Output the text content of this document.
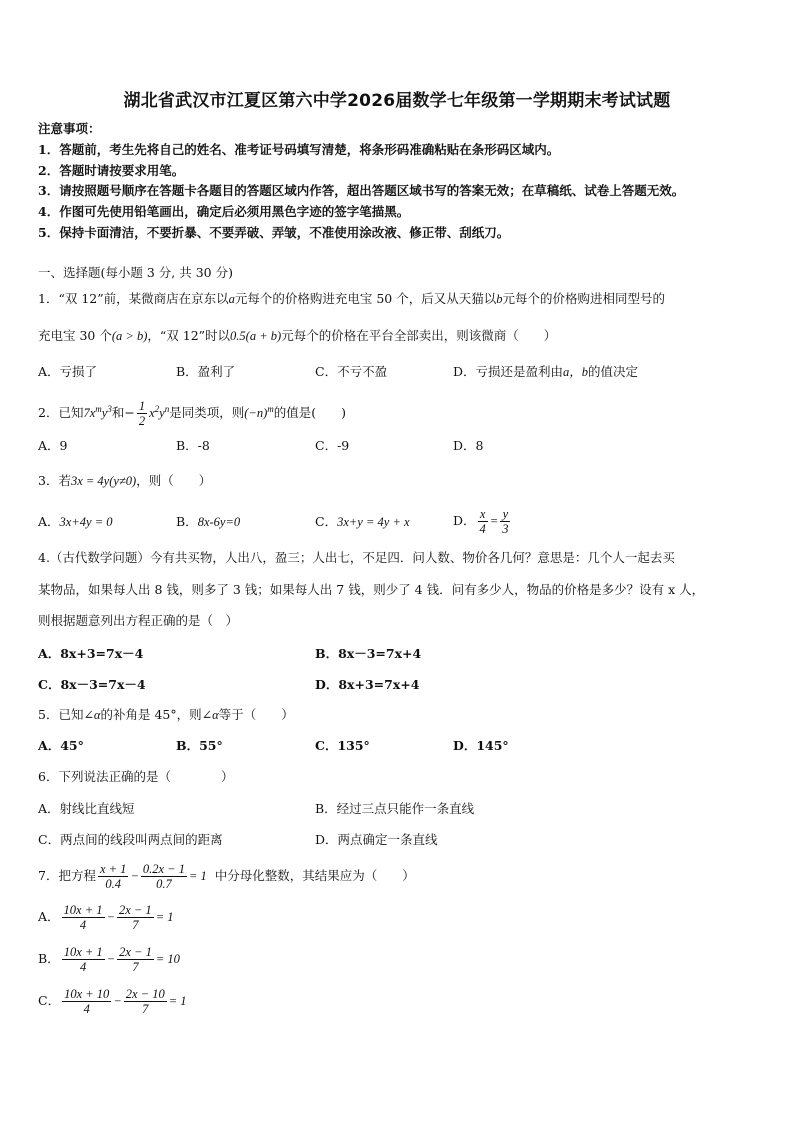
湖北省武汉市江夏区第六中学2026届数学七年级第一学期期末考试试题
注意事项：
1．答题前，考生先将自己的姓名、准考证号码填写清楚，将条形码准确粘贴在条形码区域内。
2．答题时请按要求用笔。
3．请按照题号顺序在答题卡各题目的答题区域内作答，超出答题区域书写的答案无效；在草稿纸、试卷上答题无效。
4．作图可先使用铅笔画出，确定后必须用黑色字迹的签字笔描黑。
5．保持卡面清洁，不要折暴、不要弄破、弄皱，不准使用涂改液、修正带、刮纸刀。
一、选择题(每小题 3 分, 共 30 分)
1．“双 12”前，某微商店在京东以a元每个的价格购进充电宝 50 个，后又从天猫以b元每个的价格购进相同型号的
充电宝 30 个(a > b)，“双 12”时以0.5(a + b)元每个的价格在平台全部卖出，则该微商（　　）
A．亏损了	B．盈利了	C．不亏不盈	D．亏损还是盈利由a，b的值决定
2．已知$7x^my^3$和− $\frac{1}{2} x^2y^n$是同类项，则$(-n)^m$的值是(　　)
A．9	B．-8	C．-9	D．8
3．若3x = 4y(y≠0)，则（　　）
A．3x+4y = 0	B．8x-6y=0	C．3x+y = 4y + x	D． $\frac{x}{4} = \frac{y}{3}$
4.（古代数学问题）今有共买物，人出八，盈三；人出七，不足四．问人数、物价各几何？意思是：几个人一起去买
某物品，如果每人出 8 钱，则多了 3 钱；如果每人出 7 钱，则少了 4 钱．问有多少人，物品的价格是多少？设有 x 人，
则根据题意列出方程正确的是（　）
A．8x+3=7x－4	B．8x－3=7x+4
C．8x－3=7x－4	D．8x+3=7x+4
5．已知∠α的补角是 45°，则∠α等于（　　）
A．45°	B．55°	C．135°	D．145°
6．下列说法正确的是（　　　　）
A．射线比直线短	B．经过三点只能作一条直线
C．两点间的线段叫两点间的距离	D．两点确定一条直线
7．把方程 $\frac{x + 1}{0.4} - \frac{0.2x - 1}{0.7} = 1$ 中分母化整数，其结果应为（　　）
A． $\frac{10x + 1}{4} - \frac{2x - 1}{7} = 1$
B． $\frac{10x + 1}{4} - \frac{2x - 1}{7} = 10$
C． $\frac{10x + 10}{4} - \frac{2x - 10}{7} = 1$
